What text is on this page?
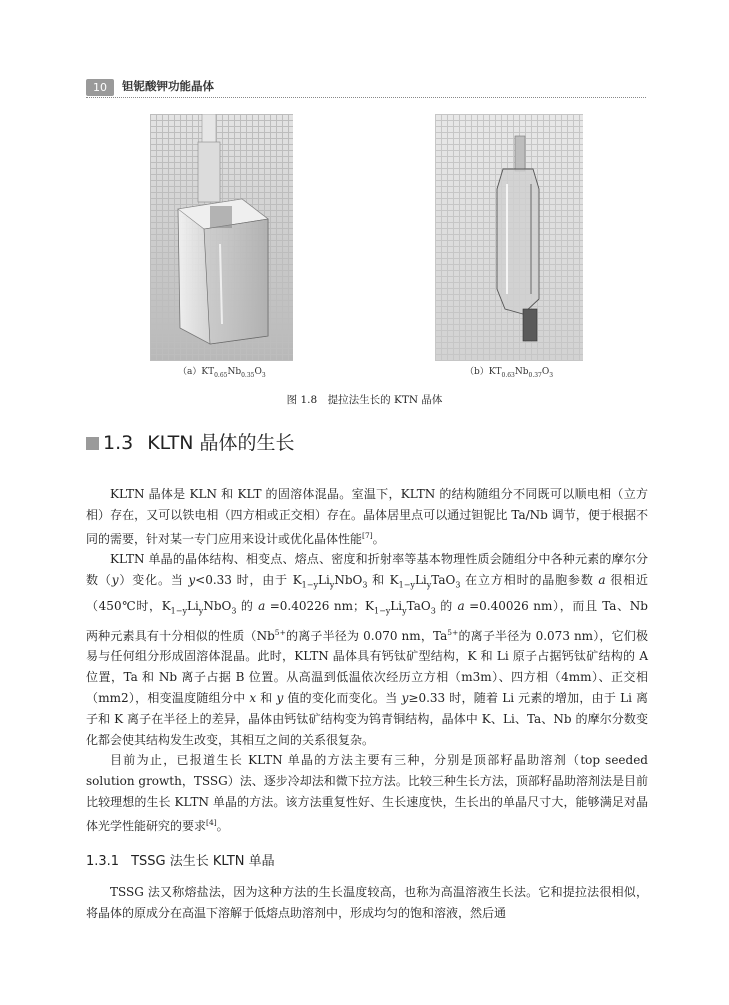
10	钽铌酸钾功能晶体
$(a)KT_{0.65}Nb_{0.35}O_3$	$(b)KT_{0.63}Nb_{0.37}O_3$
图 1.8　提拉法生长的 KTN 晶体
1.3 KLTN 晶体的生长

KLTN 晶体是 KLN 和 KLT 的固溶体混晶。室温下，KLTN 的结构随组分不同既可以顺电相（立方相）存在，又可以铁电相（四方相或正交相）存在。晶体居里点可以通过钽铌比 Ta/Nb 调节，便于根据不同的需要，针对某一专门应用来设计或优化晶体性能[7]。

KLTN 单晶的晶体结构、相变点、熔点、密度和折射率等基本物理性质会随组分中各种元素的摩尔分数（y）变化。当 y<0.33 时，由于 $K_{1-y}Li_yNbO_3$ 和 $K_{1-y}Li_yTaO_3$ 在立方相时的晶胞参数 a 很相近（450℃时，$K_{1-y}Li_yNbO_3$ 的 a =0.40226 nm；$K_{1-y}Li_yTaO_3$ 的 a =0.40026 nm），而且 Ta、Nb 两种元素具有十分相似的性质（$Nb^{5+}$的离子半径为 0.070 nm，$Ta^{5+}$的离子半径为 0.073 nm），它们极易与任何组分形成固溶体混晶。此时，KLTN 晶体具有钙钛矿型结构，K 和 Li 原子占据钙钛矿结构的 A 位置，Ta 和 Nb 离子占据 B 位置。从高温到低温依次经历立方相（m3m）、四方相（4mm）、正交相（mm2），相变温度随组分中 x 和 y 值的变化而变化。当 y≥0.33 时，随着 Li 元素的增加，由于 Li 离子和 K 离子在半径上的差异，晶体由钙钛矿结构变为钨青铜结构，晶体中 K、Li、Ta、Nb 的摩尔分数变化都会使其结构发生改变，其相互之间的关系很复杂。

目前为止，已报道生长 KLTN 单晶的方法主要有三种，分别是顶部籽晶助溶剂（top seeded solution growth，TSSG）法、逐步冷却法和微下拉方法。比较三种生长方法，顶部籽晶助溶剂法是目前比较理想的生长 KLTN 单晶的方法。该方法重复性好、生长速度快，生长出的单晶尺寸大，能够满足对晶体光学性能研究的要求[4]。

1.3.1 TSSG 法生长 KLTN 单晶

TSSG 法又称熔盐法，因为这种方法的生长温度较高，也称为高温溶液生长法。它和提拉法很相似，将晶体的原成分在高温下溶解于低熔点助溶剂中，形成均匀的饱和溶液，然后通
